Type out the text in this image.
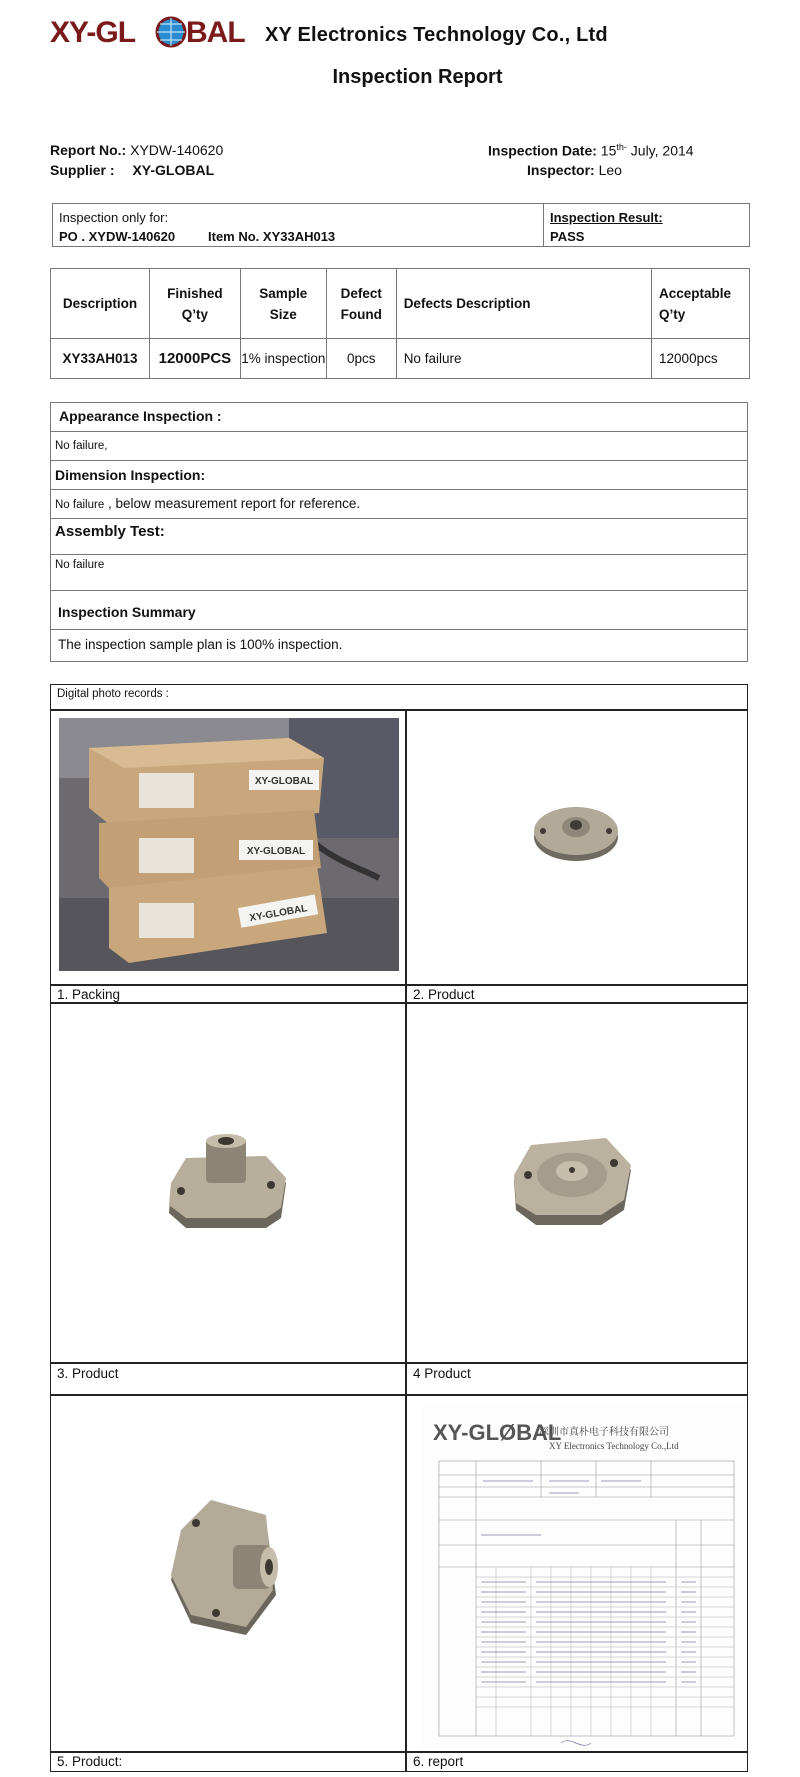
XY-GL BAL XY Electronics Technology Co., Ltd
Inspection Report
Report No.: XYDW-140620
Supplier : XY-GLOBAL
Inspection Date: $15^{th-}$ July, 2014
Inspector: Leo
Inspection only for:
PO . XYDW-140620	Item No. XY33AH013
Inspection Result:
PASS
Description	Finished Q’ty	Sample Size	Defect Found	Defects Description	Acceptable Q’ty
XY33AH013	12000PCS	1% inspection	0pcs	No failure	12000pcs
Appearance Inspection :
No failure,
Dimension Inspection:
No failure , below measurement report for reference.
Assembly Test:
No failure
Inspection Summary
The inspection sample plan is 100% inspection.
Digital photo records :
XY-GLOBAL
XY-GLOBAL
XY-GLOBAL
XY-GLØBAL
深圳市真朴电子科技有限公司
XY Electronics Technology Co.,Ltd
1. Packing	2. Product
3. Product	4 Product
5. Product:	6. report
